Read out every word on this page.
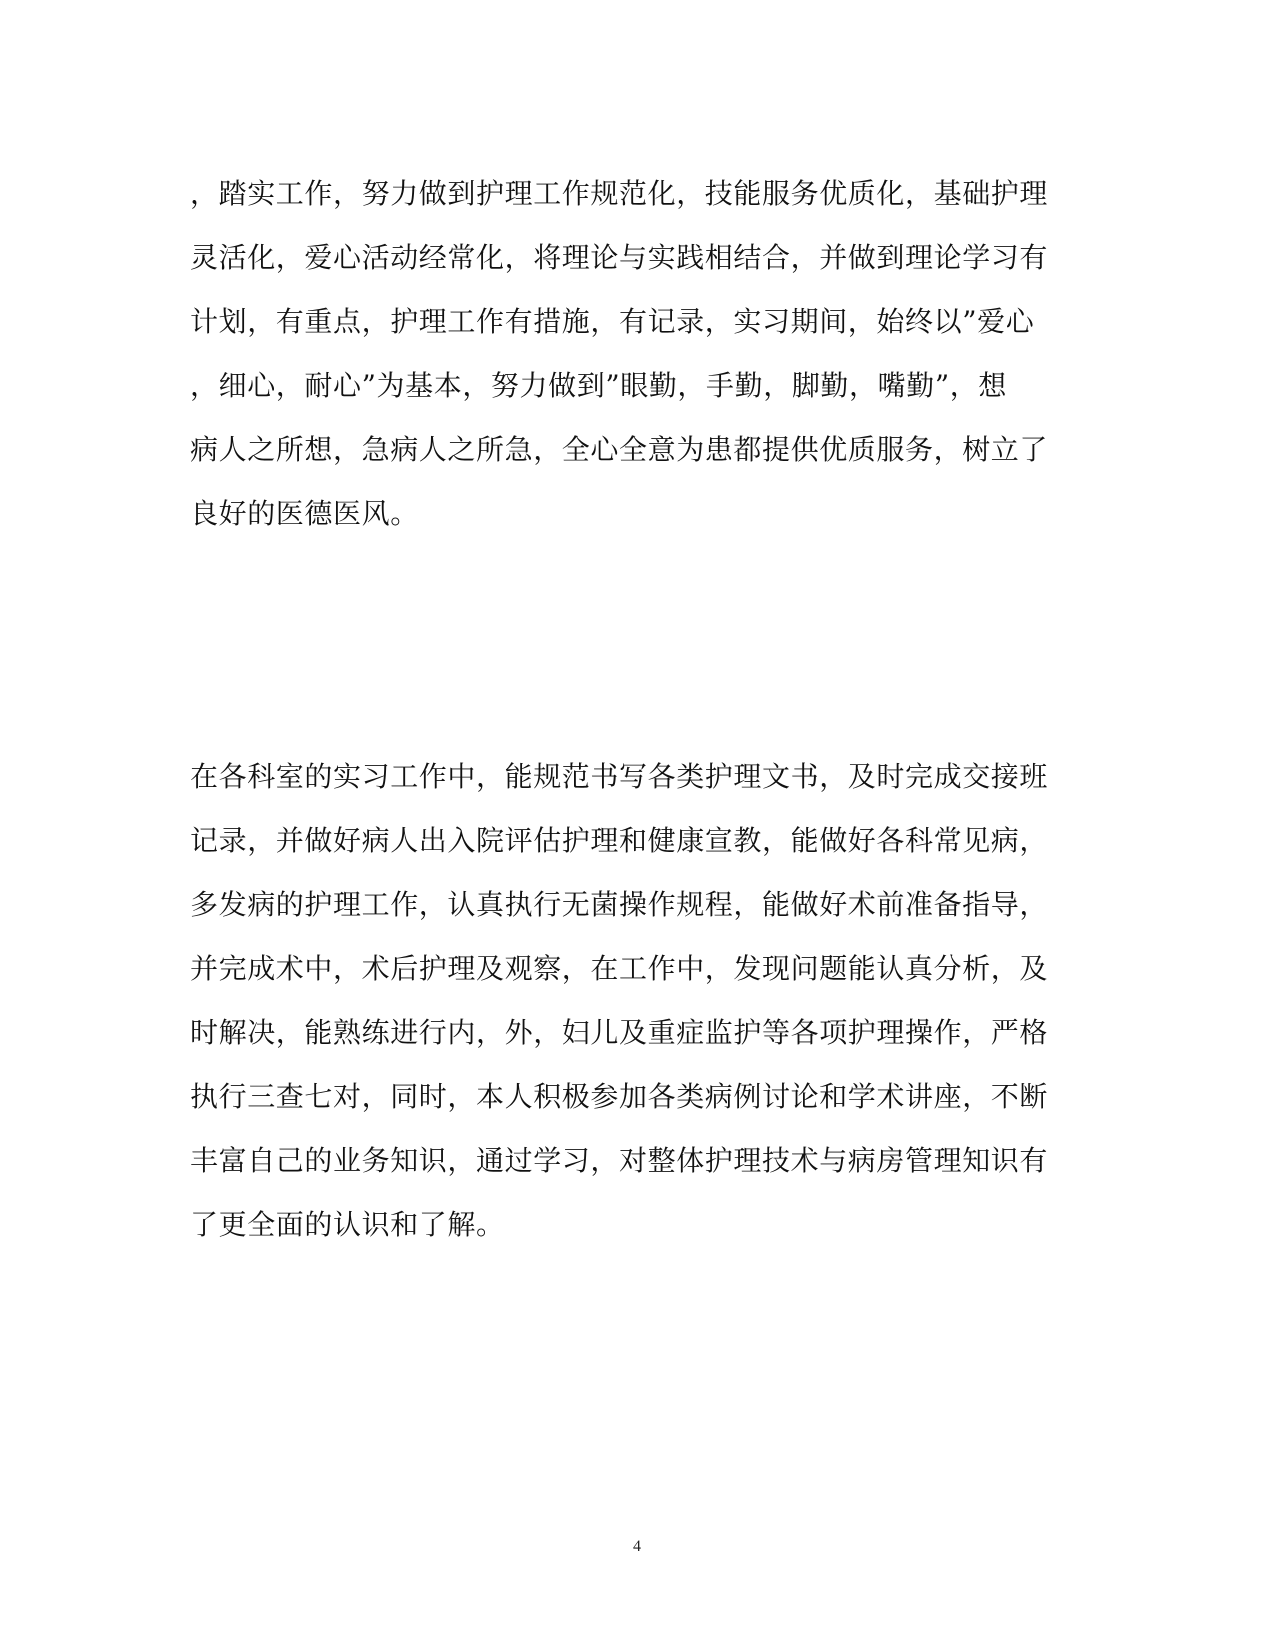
，踏实工作，努力做到护理工作规范化，技能服务优质化，基础护理
灵活化，爱心活动经常化，将理论与实践相结合，并做到理论学习有
计划，有重点，护理工作有措施，有记录，实习期间，始终以”爱心
，细心，耐心”为基本，努力做到”眼勤，手勤，脚勤，嘴勤”，想
病人之所想，急病人之所急，全心全意为患都提供优质服务，树立了
良好的医德医风。
在各科室的实习工作中，能规范书写各类护理文书，及时完成交接班
记录，并做好病人出入院评估护理和健康宣教，能做好各科常见病，
多发病的护理工作，认真执行无菌操作规程，能做好术前准备指导，
并完成术中，术后护理及观察，在工作中，发现问题能认真分析，及
时解决，能熟练进行内，外，妇儿及重症监护等各项护理操作，严格
执行三查七对，同时，本人积极参加各类病例讨论和学术讲座，不断
丰富自己的业务知识，通过学习，对整体护理技术与病房管理知识有
了更全面的认识和了解。
4
